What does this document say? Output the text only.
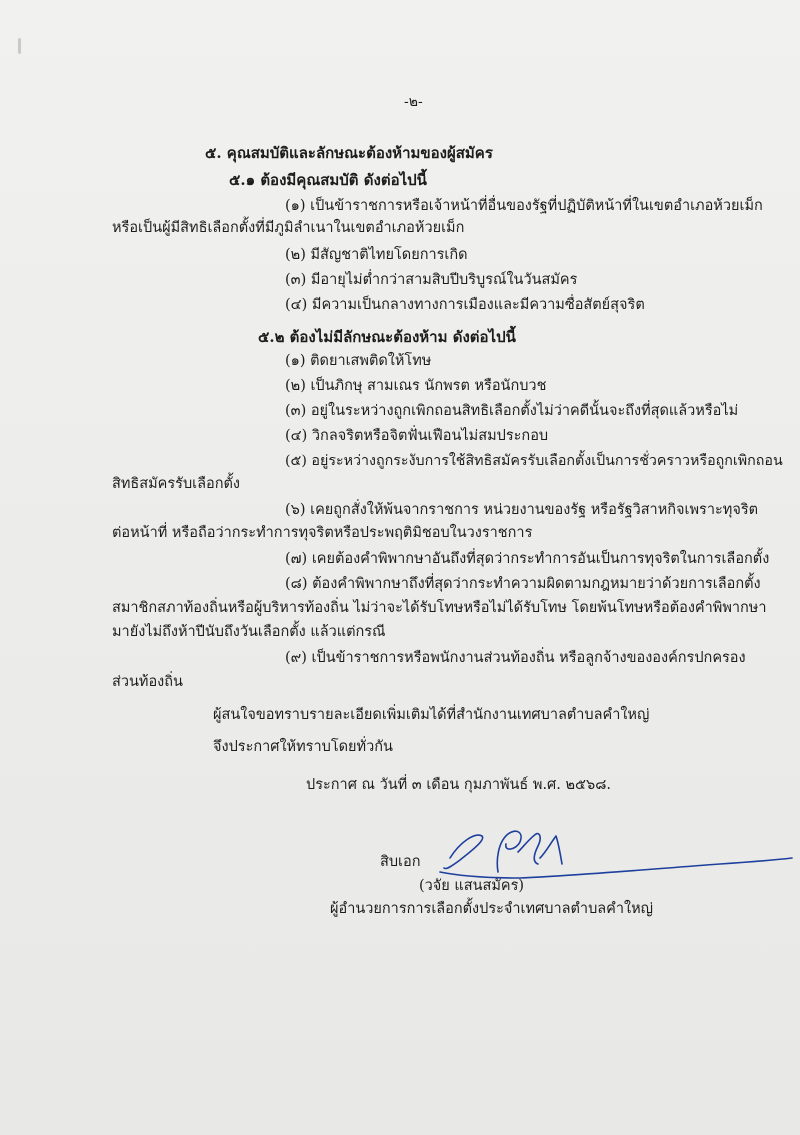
-๒-
๕. คุณสมบัติและลักษณะต้องห้ามของผู้สมัคร
๕.๑ ต้องมีคุณสมบัติ ดังต่อไปนี้
(๑) เป็นข้าราชการหรือเจ้าหน้าที่อื่นของรัฐที่ปฏิบัติหน้าที่ในเขตอำเภอห้วยเม็ก
หรือเป็นผู้มีสิทธิเลือกตั้งที่มีภูมิลำเนาในเขตอำเภอห้วยเม็ก
(๒) มีสัญชาติไทยโดยการเกิด
(๓) มีอายุไม่ต่ำกว่าสามสิบปีบริบูรณ์ในวันสมัคร
(๔) มีความเป็นกลางทางการเมืองและมีความซื่อสัตย์สุจริต
๕.๒ ต้องไม่มีลักษณะต้องห้าม ดังต่อไปนี้
(๑) ติดยาเสพติดให้โทษ
(๒) เป็นภิกษุ สามเณร นักพรต หรือนักบวช
(๓) อยู่ในระหว่างถูกเพิกถอนสิทธิเลือกตั้งไม่ว่าคดีนั้นจะถึงที่สุดแล้วหรือไม่
(๔) วิกลจริตหรือจิตฟั่นเฟือนไม่สมประกอบ
(๕) อยู่ระหว่างถูกระงับการใช้สิทธิสมัครรับเลือกตั้งเป็นการชั่วคราวหรือถูกเพิกถอน
สิทธิสมัครรับเลือกตั้ง
(๖) เคยถูกสั่งให้พ้นจากราชการ หน่วยงานของรัฐ หรือรัฐวิสาหกิจเพราะทุจริต
ต่อหน้าที่ หรือถือว่ากระทำการทุจริตหรือประพฤติมิชอบในวงราชการ
(๗) เคยต้องคำพิพากษาอันถึงที่สุดว่ากระทำการอันเป็นการทุจริตในการเลือกตั้ง
(๘) ต้องคำพิพากษาถึงที่สุดว่ากระทำความผิดตามกฎหมายว่าด้วยการเลือกตั้ง
สมาชิกสภาท้องถิ่นหรือผู้บริหารท้องถิ่น ไม่ว่าจะได้รับโทษหรือไม่ได้รับโทษ โดยพ้นโทษหรือต้องคำพิพากษา
มายังไม่ถึงห้าปีนับถึงวันเลือกตั้ง แล้วแต่กรณี
(๙) เป็นข้าราชการหรือพนักงานส่วนท้องถิ่น หรือลูกจ้างขององค์กรปกครอง
ส่วนท้องถิ่น
ผู้สนใจขอทราบรายละเอียดเพิ่มเติมได้ที่สำนักงานเทศบาลตำบลคำใหญ่
จึงประกาศให้ทราบโดยทั่วกัน
ประกาศ ณ วันที่ ๓ เดือน กุมภาพันธ์ พ.ศ. ๒๕๖๘.
สิบเอก
(วจัย แสนสมัคร)
ผู้อำนวยการการเลือกตั้งประจำเทศบาลตำบลคำใหญ่
